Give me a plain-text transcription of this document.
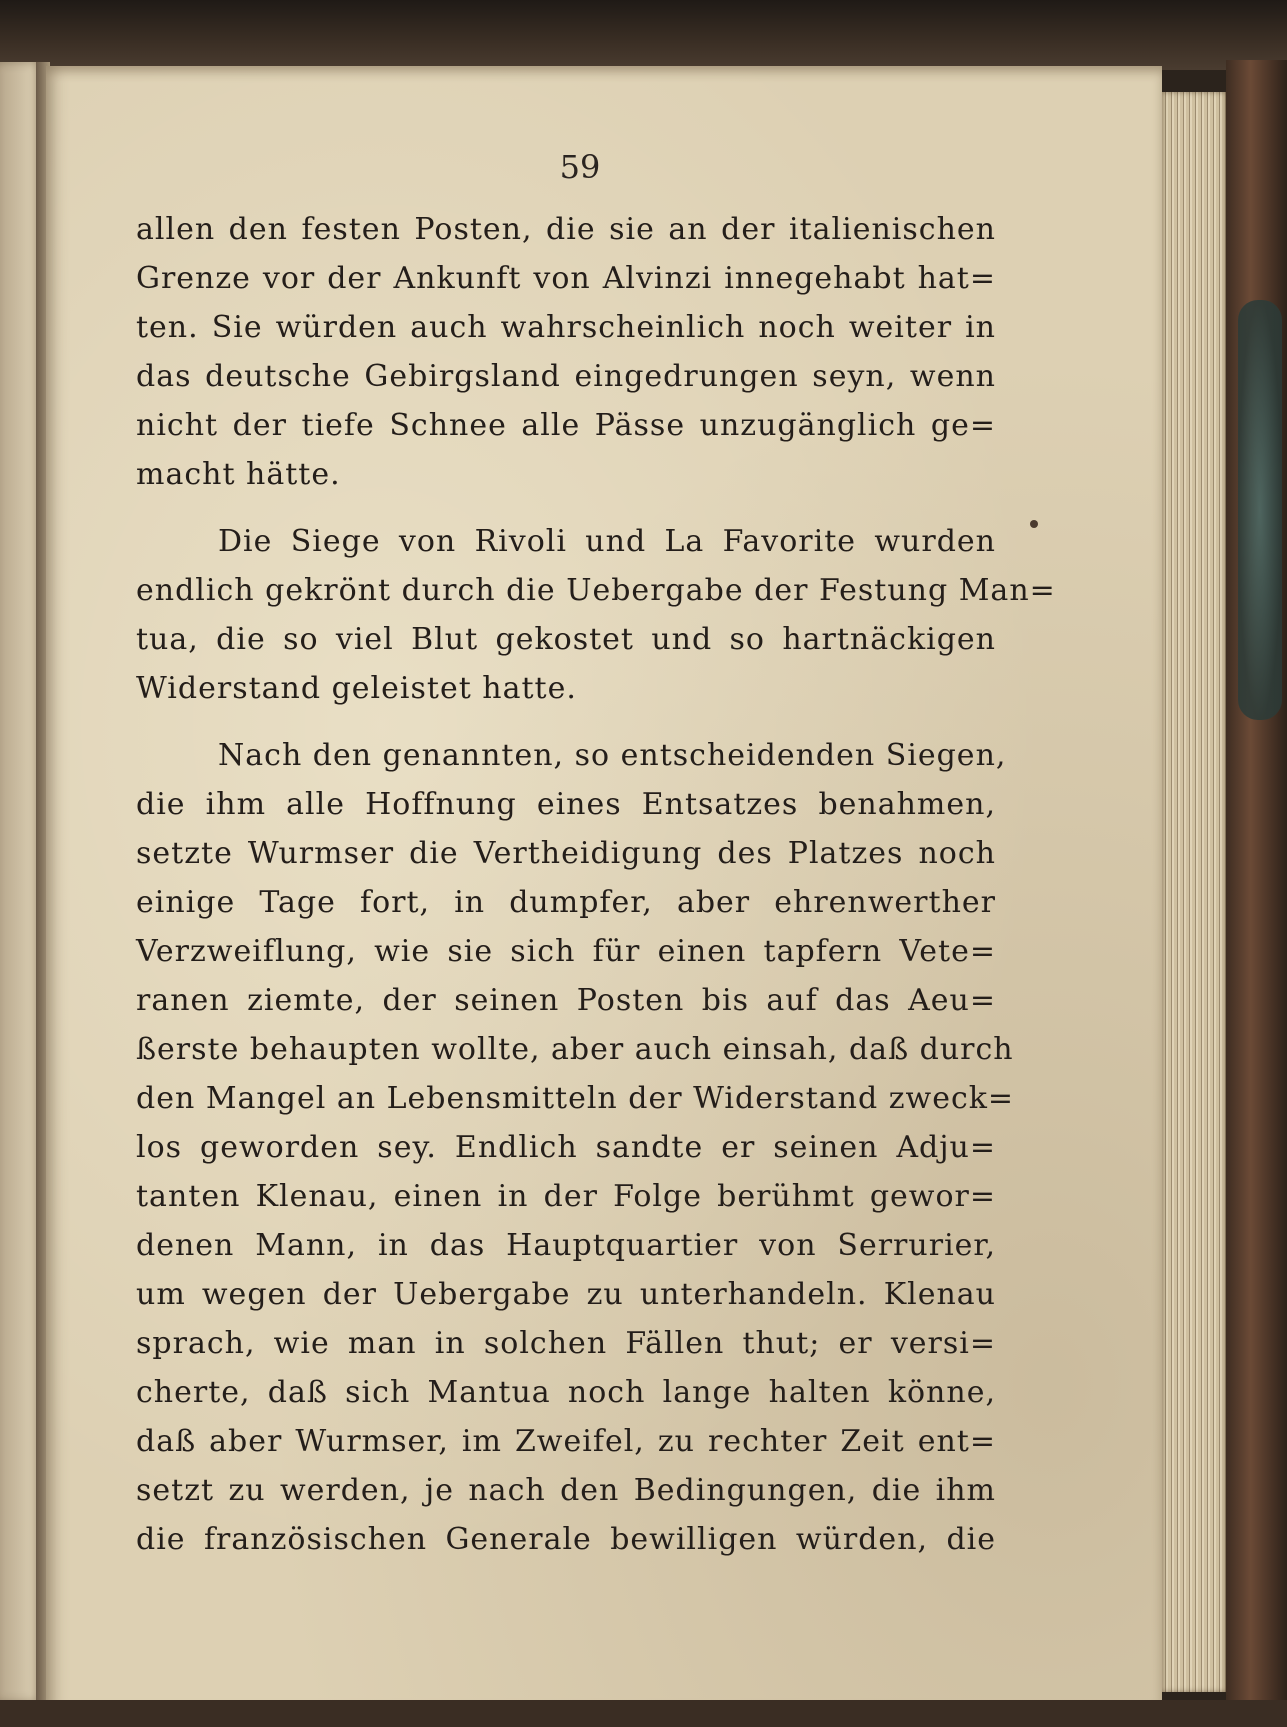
59
allen den festen Posten, die sie an der italienischen
Grenze vor der Ankunft von Alvinzi innegehabt hat=
ten. Sie würden auch wahrscheinlich noch weiter in
das deutsche Gebirgsland eingedrungen seyn, wenn
nicht der tiefe Schnee alle Pässe unzugänglich ge=
macht hätte.
Die Siege von Rivoli und La Favorite wurden
endlich gekrönt durch die Uebergabe der Festung Man=
tua, die so viel Blut gekostet und so hartnäckigen
Widerstand geleistet hatte.
Nach den genannten, so entscheidenden Siegen,
die ihm alle Hoffnung eines Entsatzes benahmen,
setzte Wurmser die Vertheidigung des Platzes noch
einige Tage fort, in dumpfer, aber ehrenwerther
Verzweiflung, wie sie sich für einen tapfern Vete=
ranen ziemte, der seinen Posten bis auf das Aeu=
ßerste behaupten wollte, aber auch einsah, daß durch
den Mangel an Lebensmitteln der Widerstand zweck=
los geworden sey. Endlich sandte er seinen Adju=
tanten Klenau, einen in der Folge berühmt gewor=
denen Mann, in das Hauptquartier von Serrurier,
um wegen der Uebergabe zu unterhandeln. Klenau
sprach, wie man in solchen Fällen thut; er versi=
cherte, daß sich Mantua noch lange halten könne,
daß aber Wurmser, im Zweifel, zu rechter Zeit ent=
setzt zu werden, je nach den Bedingungen, die ihm
die französischen Generale bewilligen würden, die
